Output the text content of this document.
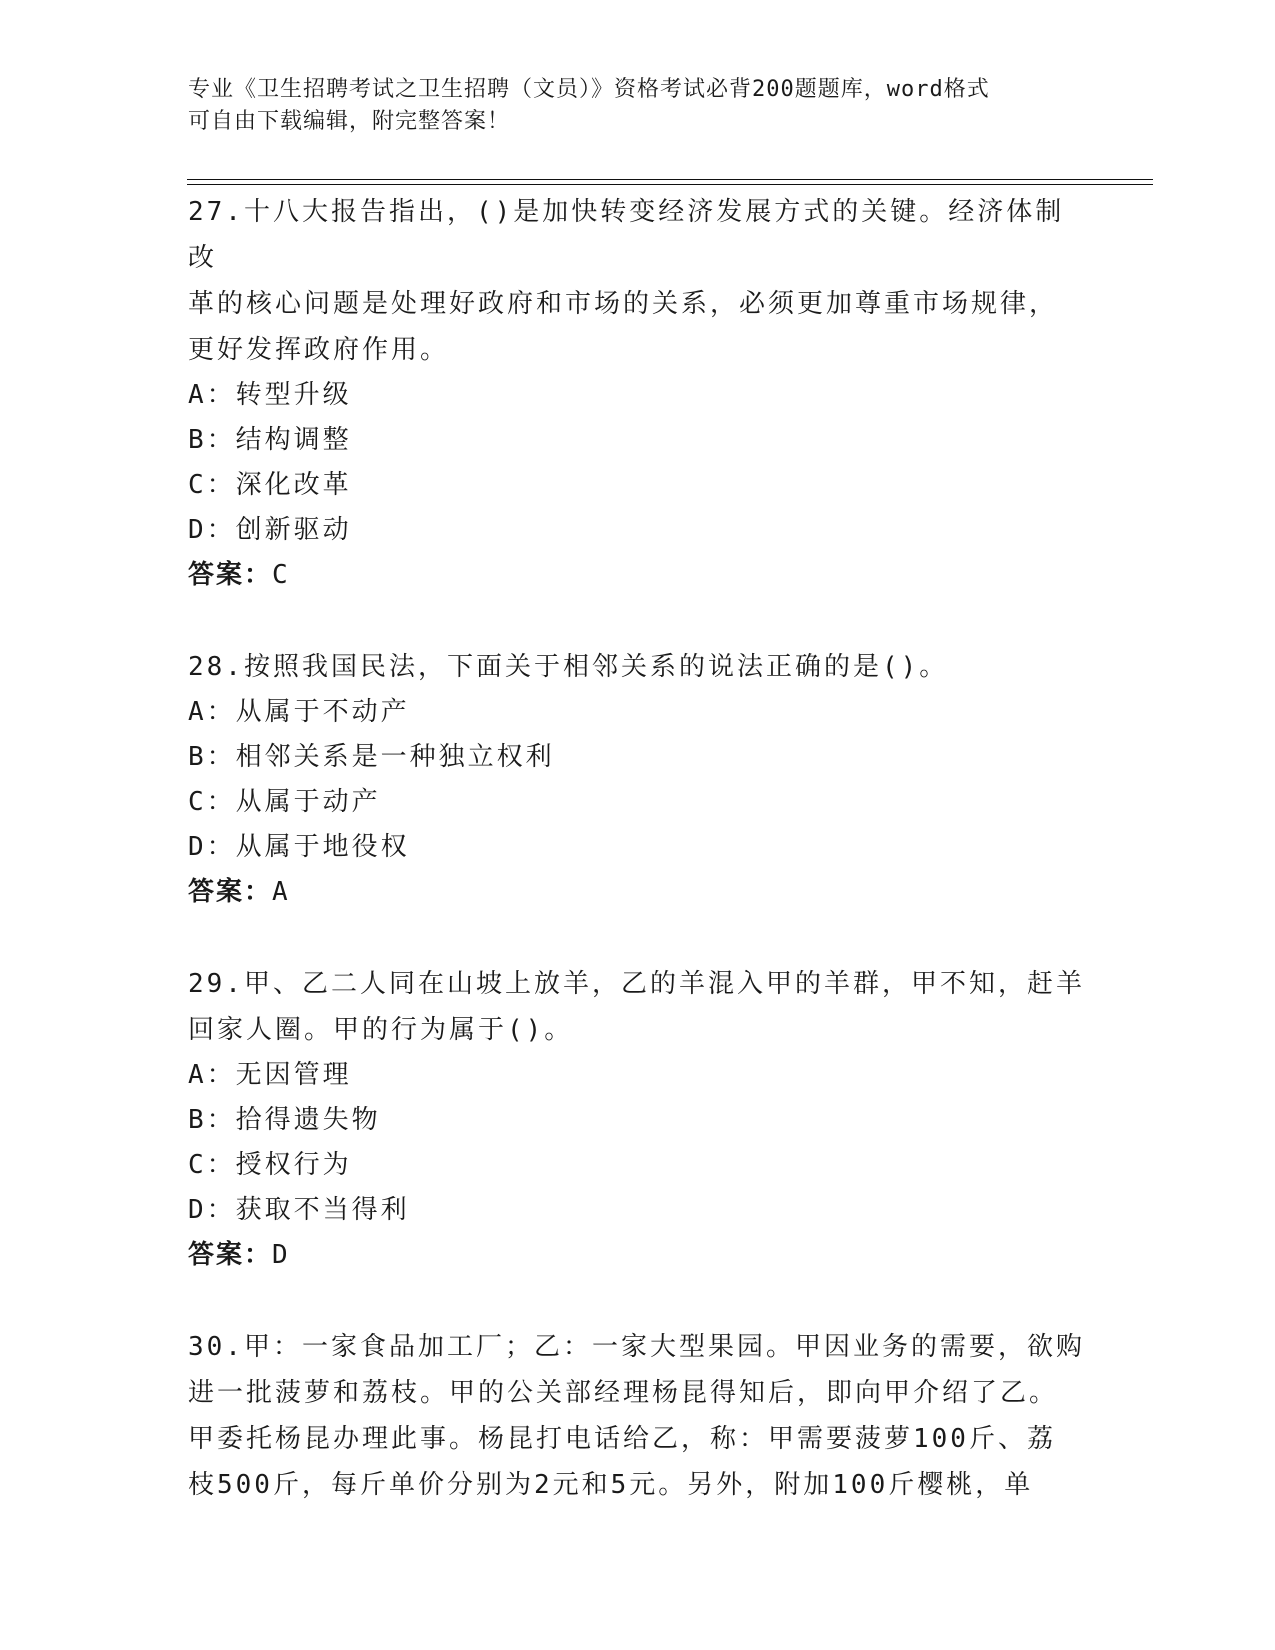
专业《卫生招聘考试之卫生招聘（文员）》资格考试必背200题题库，word格式
可自由下载编辑，附完整答案！

27.十八大报告指出，()是加快转变经济发展方式的关键。经济体制改

革的核心问题是处理好政府和市场的关系，必须更加尊重市场规律，

更好发挥政府作用。

A：转型升级

B：结构调整

C：深化改革

D：创新驱动

答案：C

28.按照我国民法，下面关于相邻关系的说法正确的是()。

A：从属于不动产

B：相邻关系是一种独立权利

C：从属于动产

D：从属于地役权

答案：A

29.甲、乙二人同在山坡上放羊，乙的羊混入甲的羊群，甲不知，赶羊

回家人圈。甲的行为属于()。

A：无因管理

B：拾得遗失物

C：授权行为

D：获取不当得利

答案：D

30.甲：一家食品加工厂；乙：一家大型果园。甲因业务的需要，欲购

进一批菠萝和荔枝。甲的公关部经理杨昆得知后，即向甲介绍了乙。

甲委托杨昆办理此事。杨昆打电话给乙，称：甲需要菠萝100斤、荔

枝500斤，每斤单价分别为2元和5元。另外，附加100斤樱桃，单
